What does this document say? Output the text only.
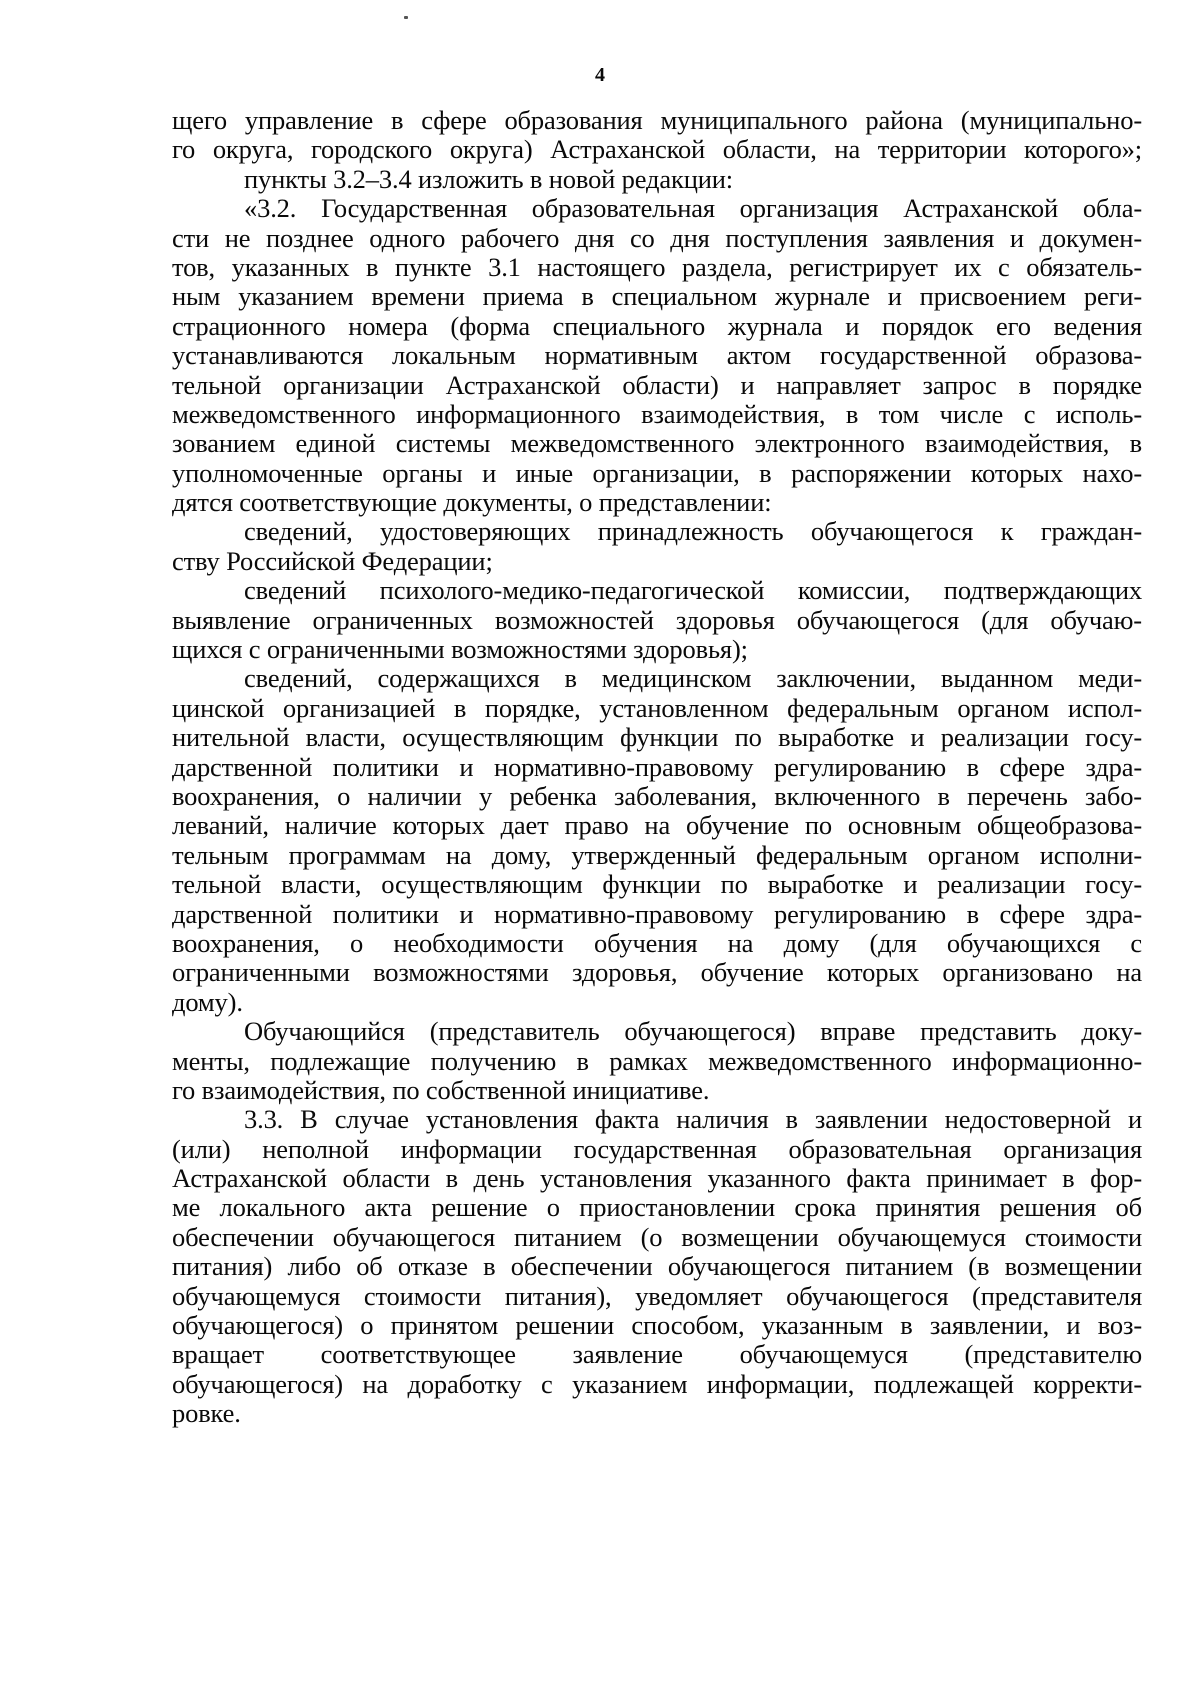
4
щего управление в сфере образования муниципального района (муниципально-
го округа, городского округа) Астраханской области, на территории которого»;
пункты 3.2–3.4 изложить в новой редакции:
«3.2. Государственная образовательная организация Астраханской обла-
сти не позднее одного рабочего дня со дня поступления заявления и докумен-
тов, указанных в пункте 3.1 настоящего раздела, регистрирует их с обязатель-
ным указанием времени приема в специальном журнале и присвоением реги-
страционного номера (форма специального журнала и порядок его ведения
устанавливаются локальным нормативным актом государственной образова-
тельной организации Астраханской области) и направляет запрос в порядке
межведомственного информационного взаимодействия, в том числе с исполь-
зованием единой системы межведомственного электронного взаимодействия, в
уполномоченные органы и иные организации, в распоряжении которых нахо-
дятся соответствующие документы, о представлении:
сведений, удостоверяющих принадлежность обучающегося к граждан-
ству Российской Федерации;
сведений психолого-медико-педагогической комиссии, подтверждающих
выявление ограниченных возможностей здоровья обучающегося (для обучаю-
щихся с ограниченными возможностями здоровья);
сведений, содержащихся в медицинском заключении, выданном меди-
цинской организацией в порядке, установленном федеральным органом испол-
нительной власти, осуществляющим функции по выработке и реализации госу-
дарственной политики и нормативно-правовому регулированию в сфере здра-
воохранения, о наличии у ребенка заболевания, включенного в перечень забо-
леваний, наличие которых дает право на обучение по основным общеобразова-
тельным программам на дому, утвержденный федеральным органом исполни-
тельной власти, осуществляющим функции по выработке и реализации госу-
дарственной политики и нормативно-правовому регулированию в сфере здра-
воохранения, о необходимости обучения на дому (для обучающихся с
ограниченными возможностями здоровья, обучение которых организовано на
дому).
Обучающийся (представитель обучающегося) вправе представить доку-
менты, подлежащие получению в рамках межведомственного информационно-
го взаимодействия, по собственной инициативе.
3.3. В случае установления факта наличия в заявлении недостоверной и
(или) неполной информации государственная образовательная организация
Астраханской области в день установления указанного факта принимает в фор-
ме локального акта решение о приостановлении срока принятия решения об
обеспечении обучающегося питанием (о возмещении обучающемуся стоимости
питания) либо об отказе в обеспечении обучающегося питанием (в возмещении
обучающемуся стоимости питания), уведомляет обучающегося (представителя
обучающегося) о принятом решении способом, указанным в заявлении, и воз-
вращает соответствующее заявление обучающемуся (представителю
обучающегося) на доработку с указанием информации, подлежащей корректи-
ровке.
